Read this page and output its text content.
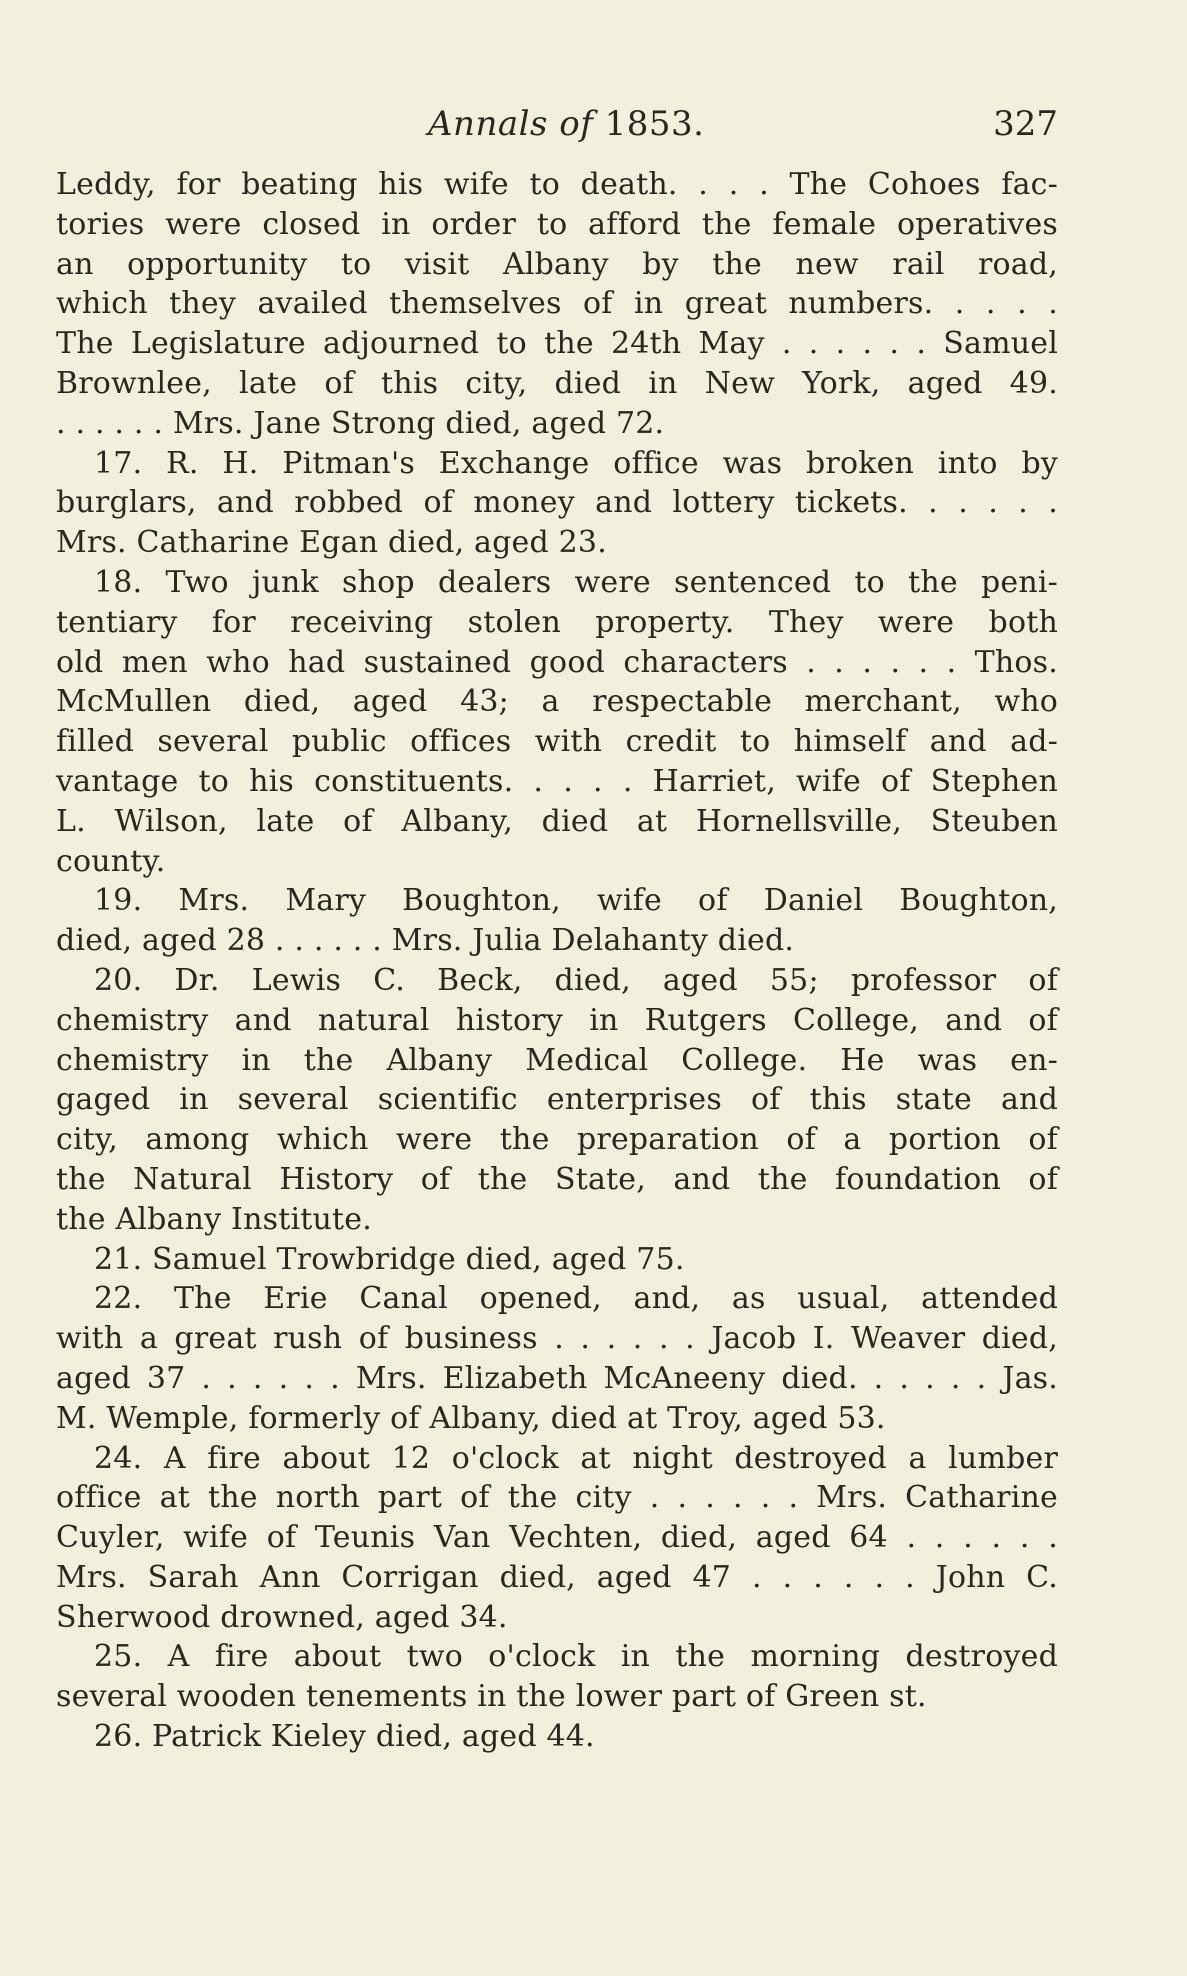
Annals of 1853.	327
Leddy, for beating his wife to death. . . . The Cohoes fac-
tories were closed in order to afford the female operatives
an opportunity to visit Albany by the new rail road,
which they availed themselves of in great numbers. . . . .
The Legislature adjourned to the 24th May . . . . . . Samuel
Brownlee, late of this city, died in New York, aged 49.
. . . . . . Mrs. Jane Strong died, aged 72.
17. R. H. Pitman's Exchange office was broken into by
burglars, and robbed of money and lottery tickets. . . . . .
Mrs. Catharine Egan died, aged 23.
18. Two junk shop dealers were sentenced to the peni-
tentiary for receiving stolen property. They were both
old men who had sustained good characters . . . . . . Thos.
McMullen died, aged 43; a respectable merchant, who
filled several public offices with credit to himself and ad-
vantage to his constituents. . . . . Harriet, wife of Stephen
L. Wilson, late of Albany, died at Hornellsville, Steuben
county.
19. Mrs. Mary Boughton, wife of Daniel Boughton,
died, aged 28 . . . . . . Mrs. Julia Delahanty died.
20. Dr. Lewis C. Beck, died, aged 55; professor of
chemistry and natural history in Rutgers College, and of
chemistry in the Albany Medical College. He was en-
gaged in several scientific enterprises of this state and
city, among which were the preparation of a portion of
the Natural History of the State, and the foundation of
the Albany Institute.
21. Samuel Trowbridge died, aged 75.
22. The Erie Canal opened, and, as usual, attended
with a great rush of business . . . . . . Jacob I. Weaver died,
aged 37 . . . . . . Mrs. Elizabeth McAneeny died. . . . . . Jas.
M. Wemple, formerly of Albany, died at Troy, aged 53.
24. A fire about 12 o'clock at night destroyed a lumber
office at the north part of the city . . . . . . Mrs. Catharine
Cuyler, wife of Teunis Van Vechten, died, aged 64 . . . . . .
Mrs. Sarah Ann Corrigan died, aged 47 . . . . . . John C.
Sherwood drowned, aged 34.
25. A fire about two o'clock in the morning destroyed
several wooden tenements in the lower part of Green st.
26. Patrick Kieley died, aged 44.
